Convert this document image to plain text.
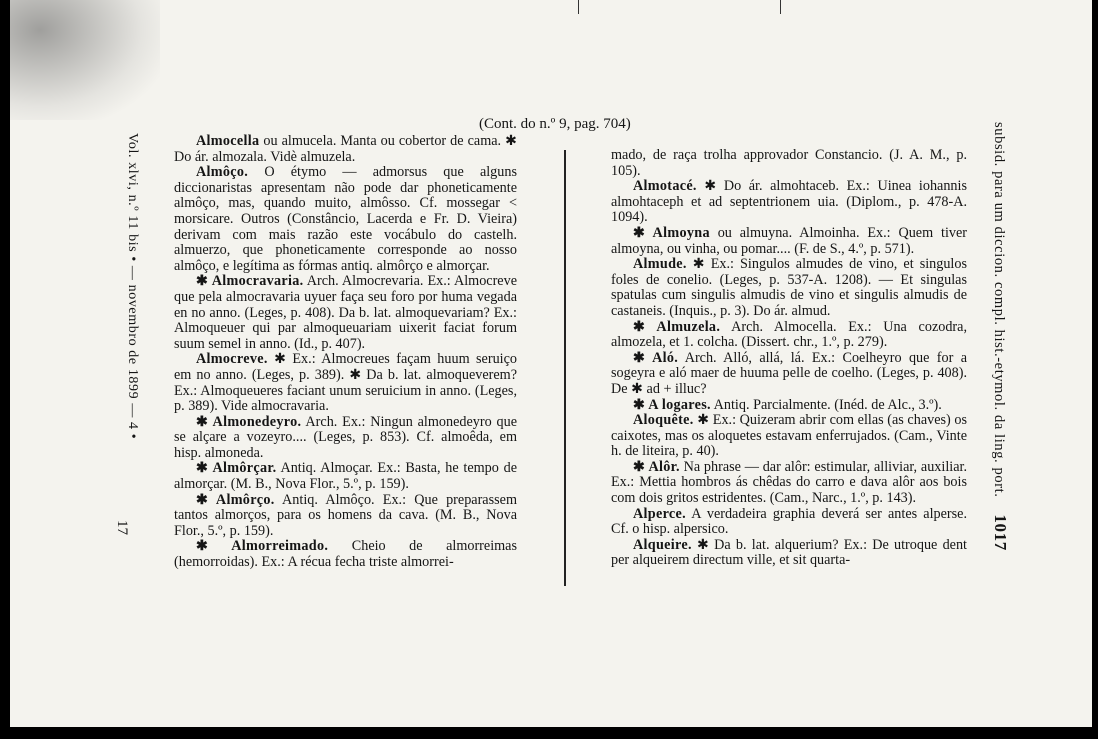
(Cont. do n.º 9, pag. 704)
Vol. xlvi, n.º 11 bis • — novembro de 1899 — 4 •
17
subsid. para um diccion. compl. hist.-etymol. da ling. port.    1017

Almocella ou almucela. Manta ou cobertor de cama. ✱ Do ár. almozala. Vidè almuzela.

Almôço. O étymo — admorsus que alguns diccionaristas apresentam não pode dar phoneticamente almôço, mas, quando muito, almôsso. Cf. mossegar < morsicare. Outros (Constâncio, Lacerda e Fr. D. Vieira) derivam com mais razão este vocábulo do castelh. almuerzo, que phoneticamente corresponde ao nosso almôço, e legítima as fórmas antiq. almôrço e almorçar.

✱ Almocravaria. Arch. Almocrevaria. Ex.: Almocreve que pela almocravaria uyuer faça seu foro por huma vegada en no anno. (Leges, p. 408). Da b. lat. almoquevariam? Ex.: Almoqueuer qui par almoqueuariam uixerit faciat forum suum semel in anno. (Id., p. 407).

Almocreve. ✱ Ex.: Almocreues façam huum seruiço em no anno. (Leges, p. 389). ✱ Da b. lat. almoqueverem? Ex.: Almoqueueres faciant unum seruicium in anno. (Leges, p. 389). Vide almocravaria.

✱ Almonedeyro. Arch. Ex.: Ningun almonedeyro que se alçare a vozeyro.... (Leges, p. 853). Cf. almoêda, em hisp. almoneda.

✱ Almôrçar. Antiq. Almoçar. Ex.: Basta, he tempo de almorçar. (M. B., Nova Flor., 5.º, p. 159).

✱ Almôrço. Antiq. Almôço. Ex.: Que preparassem tantos almorços, para os homens da cava. (M. B., Nova Flor., 5.º, p. 159).

✱ Almorreimado. Cheio de almorreimas (hemorroidas). Ex.: A récua fecha triste almorrei-

mado, de raça trolha approvador Constancio. (J. A. M., p. 105).

Almotacé. ✱ Do ár. almohtaceb. Ex.: Uinea iohannis almohtaceph et ad septentrionem uia. (Diplom., p. 478-A. 1094).

✱ Almoyna ou almuyna. Almoinha. Ex.: Quem tiver almoyna, ou vinha, ou pomar.... (F. de S., 4.º, p. 571).

Almude. ✱ Ex.: Singulos almudes de vino, et singulos foles de conelio. (Leges, p. 537-A. 1208). — Et singulas spatulas cum singulis almudis de vino et singulis almudis de castaneis. (Inquis., p. 3). Do ár. almud.

✱ Almuzela. Arch. Almocella. Ex.: Una cozodra, almozela, et 1. colcha. (Dissert. chr., 1.º, p. 279).

✱ Aló. Arch. Alló, allá, lá. Ex.: Coelheyro que for a sogeyra e aló maer de huuma pelle de coelho. (Leges, p. 408). De ✱ ad + illuc?

✱ A logares. Antiq. Parcialmente. (Inéd. de Alc., 3.º).

Aloquête. ✱ Ex.: Quizeram abrir com ellas (as chaves) os caixotes, mas os aloquetes estavam enferrujados. (Cam., Vinte h. de liteira, p. 40).

✱ Alôr. Na phrase — dar alôr: estimular, alliviar, auxiliar. Ex.: Mettia hombros ás chêdas do carro e dava alôr aos bois com dois gritos estridentes. (Cam., Narc., 1.º, p. 143).

Alperce. A verdadeira graphia deverá ser antes alperse. Cf. o hisp. alpersico.

Alqueire. ✱ Da b. lat. alquerium? Ex.: De utroque dent per alqueirem directum ville, et sit quarta-
